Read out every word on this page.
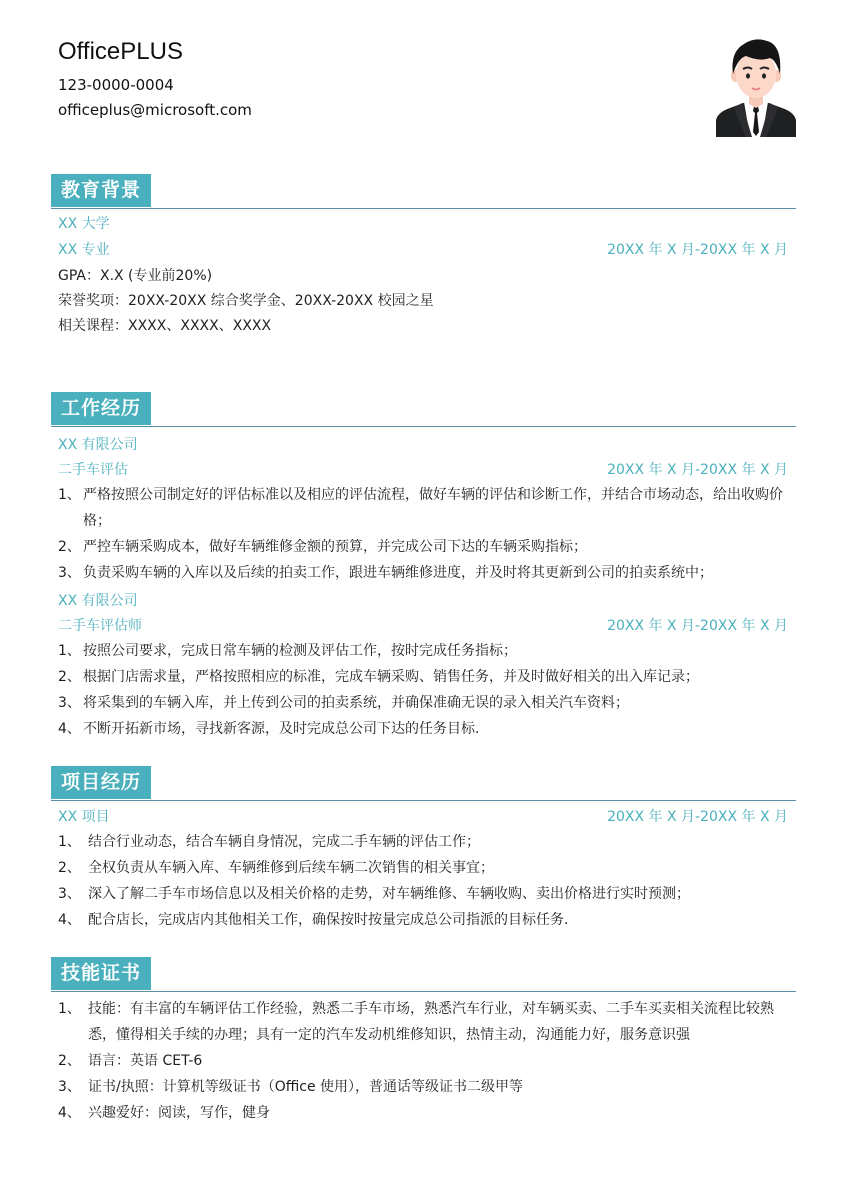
OfficePLUS
123-0000-0004
officeplus@microsoft.com
教育背景
XX 大学
XX 专业	20XX 年 X 月-20XX 年 X 月
GPA：X.X (专业前20%)
荣誉奖项：20XX-20XX 综合奖学金、20XX-20XX 校园之星
相关课程：XXXX、XXXX、XXXX
工作经历
XX 有限公司
二手车评估	20XX 年 X 月-20XX 年 X 月
1、 严格按照公司制定好的评估标准以及相应的评估流程，做好车辆的评估和诊断工作，并结合市场动态，给出收购价格；
2、 严控车辆采购成本，做好车辆维修金额的预算，并完成公司下达的车辆采购指标；
3、 负责采购车辆的入库以及后续的拍卖工作，跟进车辆维修进度，并及时将其更新到公司的拍卖系统中；
XX 有限公司
二手车评估师	20XX 年 X 月-20XX 年 X 月
1、 按照公司要求，完成日常车辆的检测及评估工作，按时完成任务指标；
2、 根据门店需求量，严格按照相应的标准，完成车辆采购、销售任务，并及时做好相关的出入库记录；
3、 将采集到的车辆入库，并上传到公司的拍卖系统，并确保准确无误的录入相关汽车资料；
4、 不断开拓新市场，寻找新客源，及时完成总公司下达的任务目标.
项目经历
XX 项目	20XX 年 X 月-20XX 年 X 月
1、 结合行业动态，结合车辆自身情况，完成二手车辆的评估工作；
2、 全权负责从车辆入库、车辆维修到后续车辆二次销售的相关事宜；
3、 深入了解二手车市场信息以及相关价格的走势，对车辆维修、车辆收购、卖出价格进行实时预测；
4、 配合店长，完成店内其他相关工作，确保按时按量完成总公司指派的目标任务.
技能证书
1、 技能：有丰富的车辆评估工作经验，熟悉二手车市场，熟悉汽车行业，对车辆买卖、二手车买卖相关流程比较熟悉，懂得相关手续的办理；具有一定的汽车发动机维修知识，热情主动，沟通能力好，服务意识强
2、 语言：英语 CET-6
3、 证书/执照：计算机等级证书（Office 使用），普通话等级证书二级甲等
4、 兴趣爱好：阅读，写作，健身
